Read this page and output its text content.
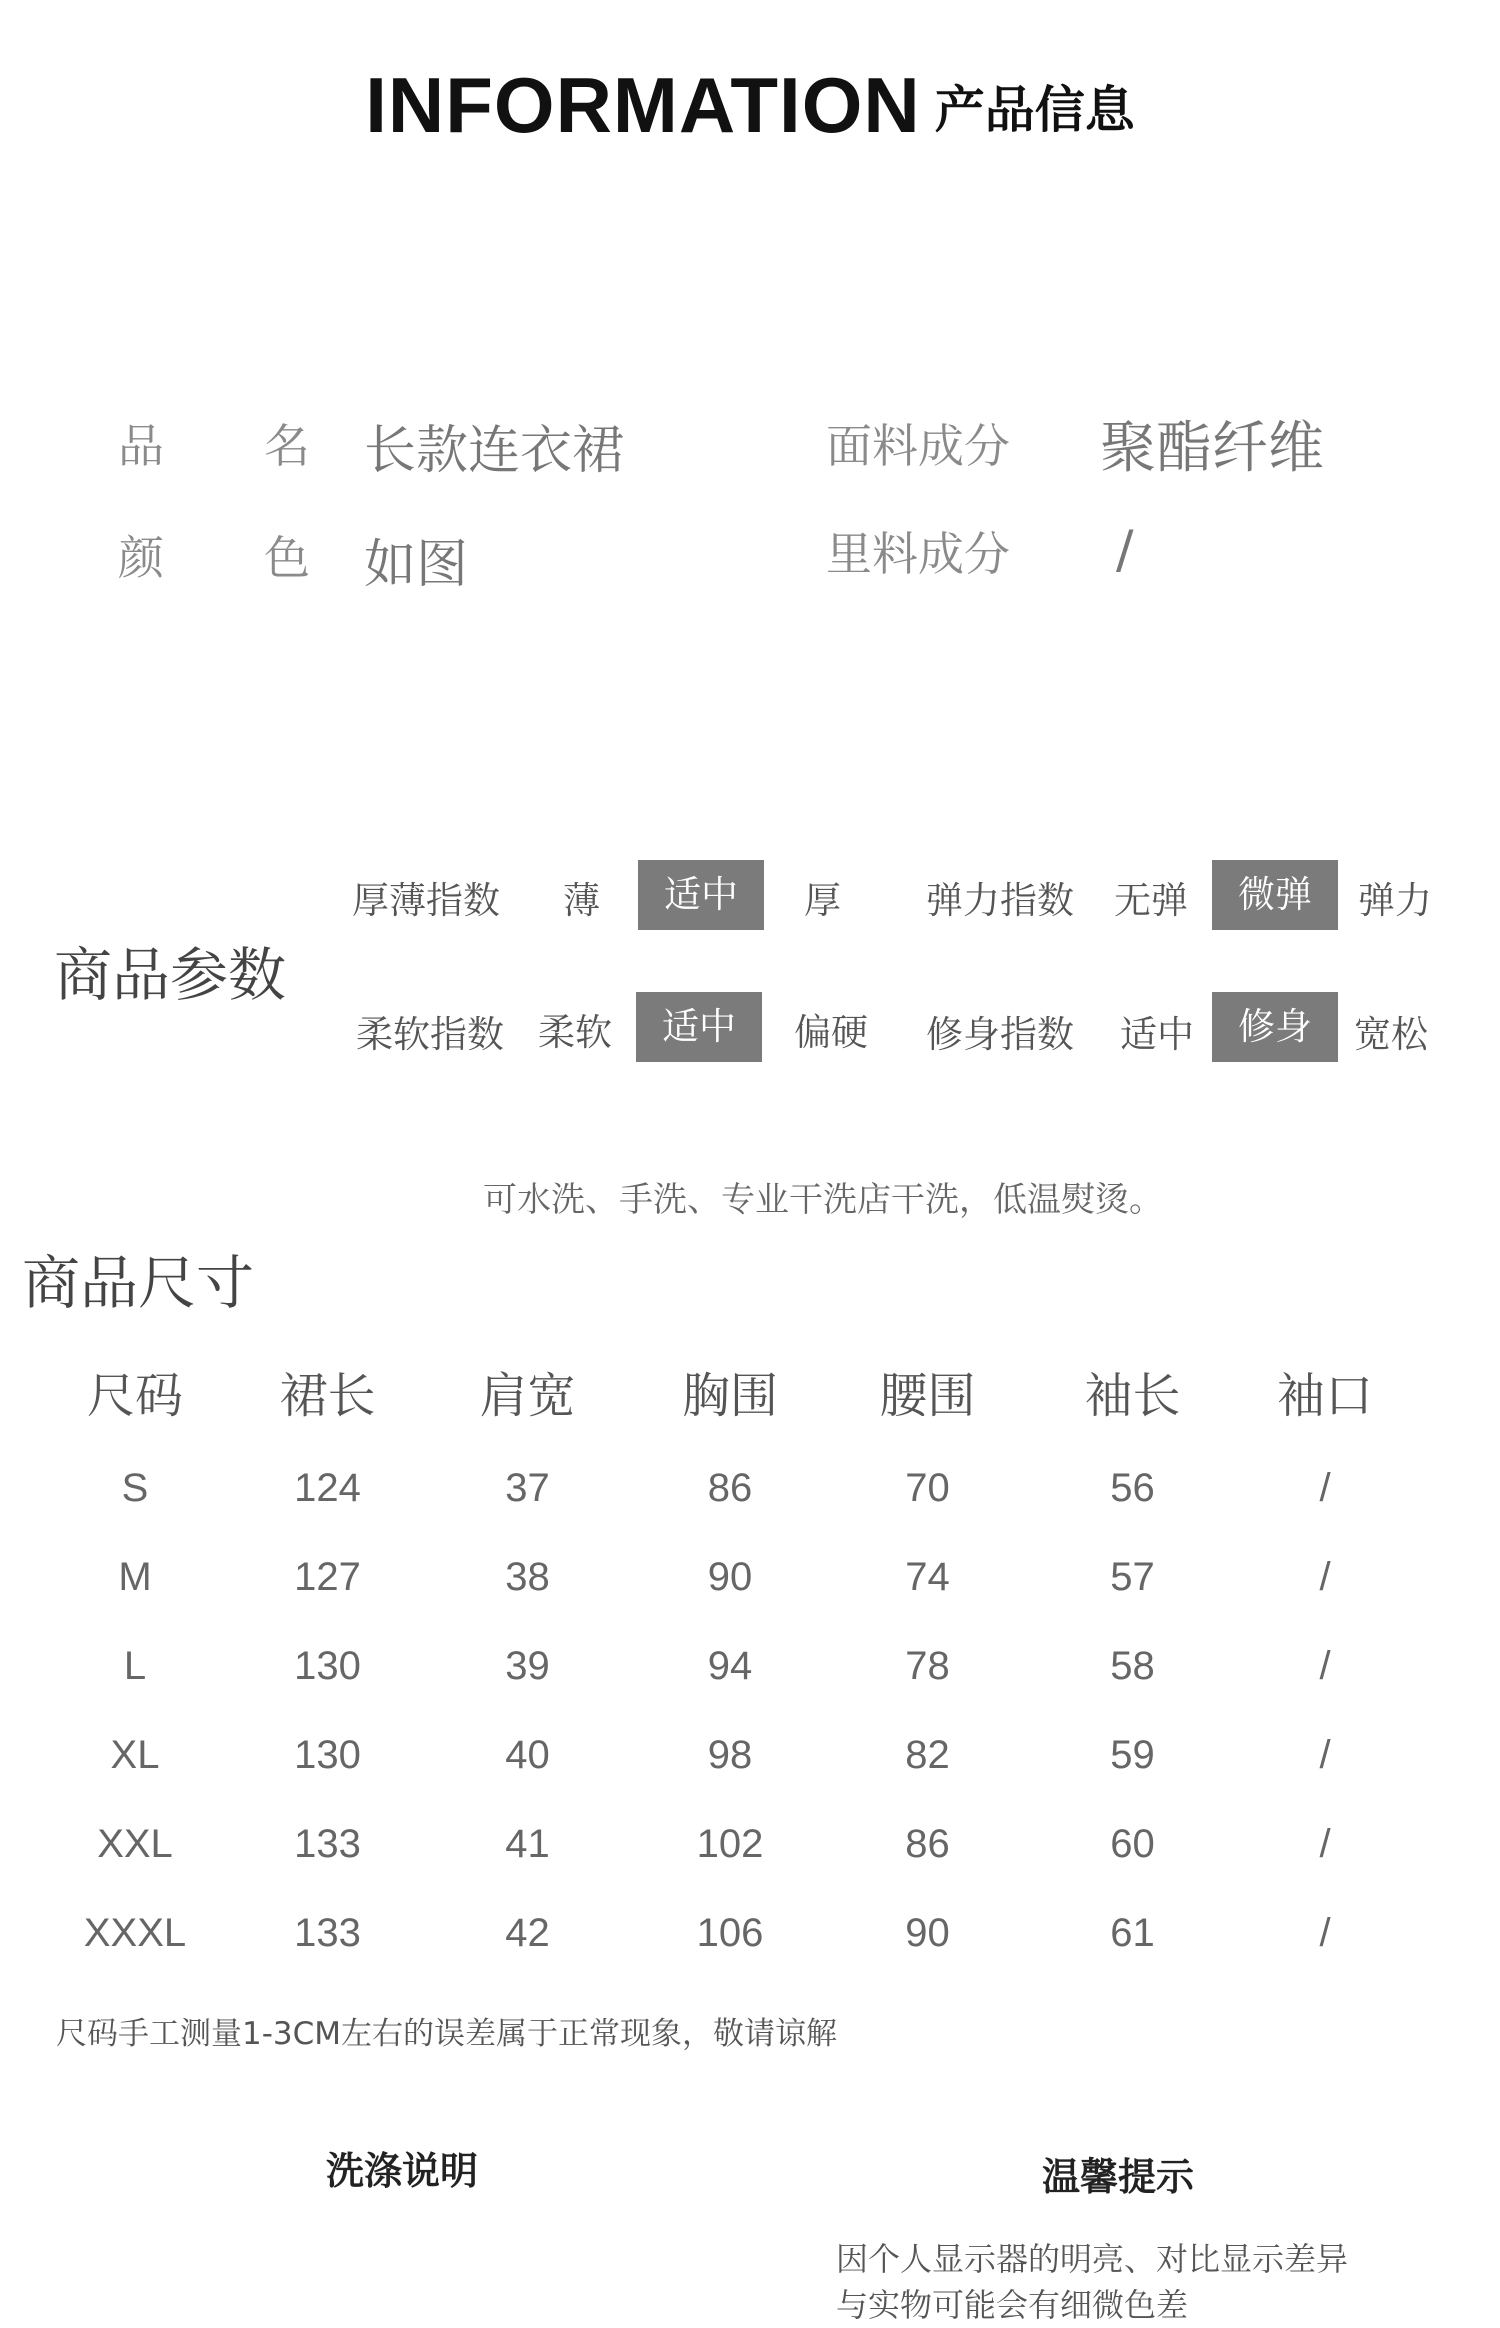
INFORMATION 产品信息
品 名 长款连衣裙
颜 色 如图
面料成分 聚酯纤维
里料成分 /
商品参数
厚薄指数 薄	适中	厚 弹力指数 无弹	微弹	弹力
柔软指数 柔软	适中	偏硬 修身指数 适中	修身	宽松
可水洗、手洗、专业干洗店干洗，低温熨烫。
商品尺寸
尺码	裙长	肩宽	胸围	腰围	袖长	袖口
S	124	37	86	70	56	/
M	127	38	90	74	57	/
L	130	39	94	78	58	/
XL	130	40	98	82	59	/
XXL	133	41	102	86	60	/
XXXL	133	42	106	90	61	/
尺码手工测量1-3CM左右的误差属于正常现象，敬请谅解
洗涤说明	温馨提示
因个人显示器的明亮、对比显示差异
与实物可能会有细微色差
